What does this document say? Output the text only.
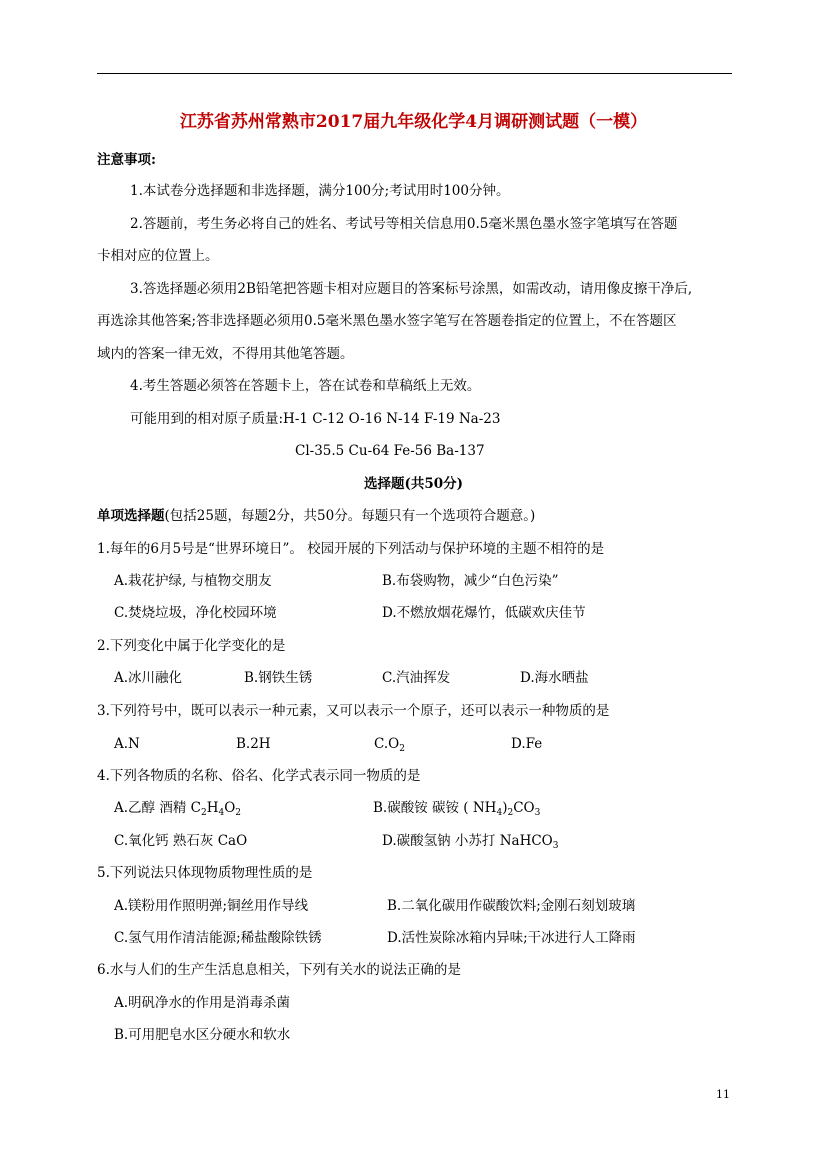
江苏省苏州常熟市2017届九年级化学4月调研测试题（一模）
注意事项:
1.本试卷分选择题和非选择题，满分100分;考试用时100分钟。
2.答题前，考生务必将自己的姓名、考试号等相关信息用0.5毫米黑色墨水签字笔填写在答题
卡相对应的位置上。
3.答选择题必须用2B铅笔把答题卡相对应题目的答案标号涂黑，如需改动，请用像皮擦干净后,
再选涂其他答案;答非选择题必须用0.5毫米黑色墨水签字笔写在答题卷指定的位置上，不在答题区
域内的答案一律无效，不得用其他笔答题。
4.考生答题必须答在答题卡上，答在试卷和草稿纸上无效。
可能用到的相对原子质量:H-1 C-12 O-16 N-14 F-19 Na-23
Cl-35.5 Cu-64 Fe-56 Ba-137
选择题(共50分)
单项选择题(包括25题，每题2分，共50分。每题只有一个选项符合题意。)
1.每年的6月5号是“世界环境日”。 校园开展的下列活动与保护环境的主题不相符的是
A.栽花护绿, 与植物交朋友	B.布袋购物，减少“白色污染”
C.焚烧垃圾，净化校园环境	D.不燃放烟花爆竹，低碳欢庆佳节
2.下列变化中属于化学变化的是
A.冰川融化	B.钢铁生锈	C.汽油挥发	D.海水晒盐
3.下列符号中，既可以表示一种元素，又可以表示一个原子，还可以表示一种物质的是
A.N	B.2H	$C.O_2$	D.Fe
4.下列各物质的名称、俗名、化学式表示同一物质的是
A.乙醇 酒精 $C_2H_4O_2$	B.碳酸铵 碳铵 ( $NH_4)_2CO_3$
C.氧化钙 熟石灰 CaO	D.碳酸氢钠 小苏打 NaHCO$_3$
5.下列说法只体现物质物理性质的是
A.镁粉用作照明弹;铜丝用作导线	B.二氧化碳用作碳酸饮料;金刚石刻划玻璃
C.氢气用作清洁能源;稀盐酸除铁锈	D.活性炭除冰箱内异味;干冰进行人工降雨
6.水与人们的生产生活息息相关，下列有关水的说法正确的是
A.明矾净水的作用是消毒杀菌
B.可用肥皂水区分硬水和软水
11
